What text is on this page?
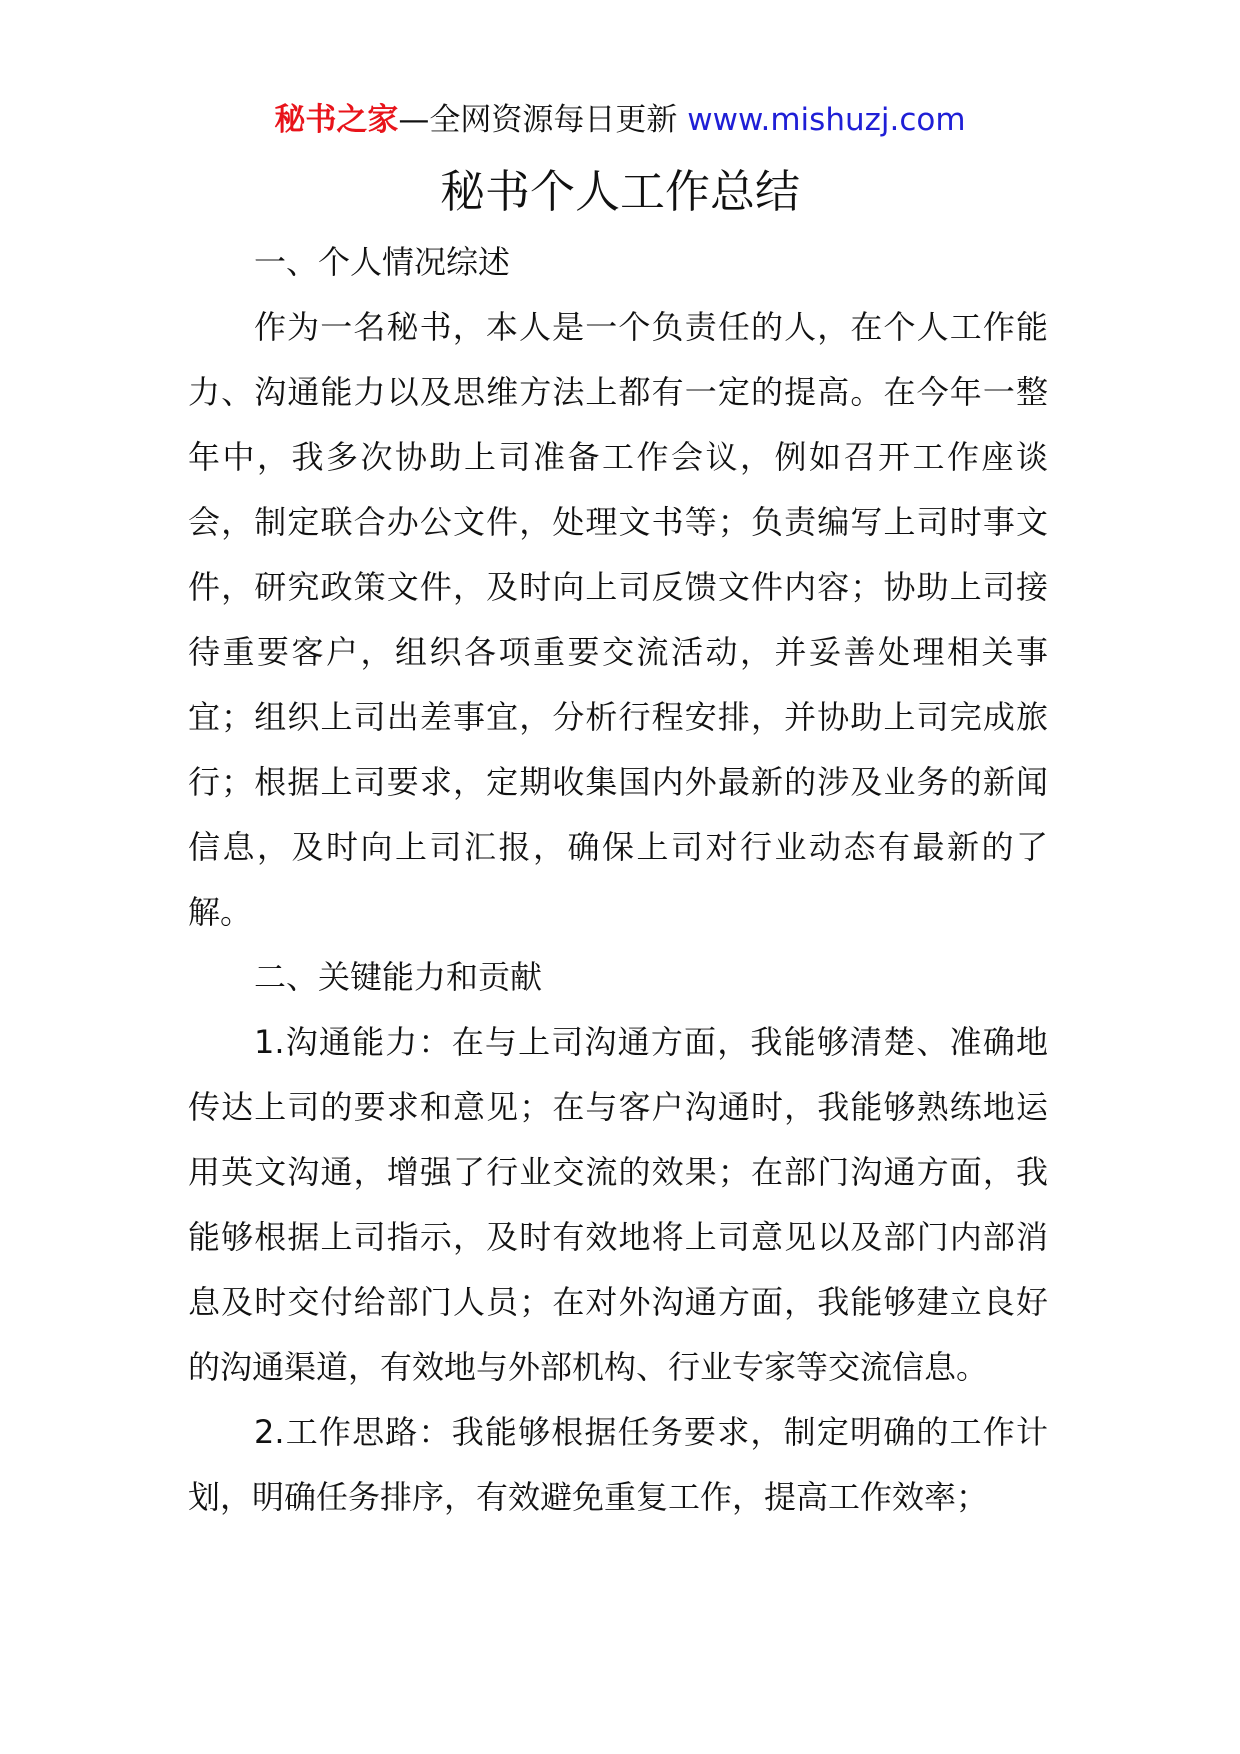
秘书之家—全网资源每日更新 www.mishuzj.com
秘书个人工作总结

一、个人情况综述

作为一名秘书，本人是一个负责任的人，在个人工作能力、沟通能力以及思维方法上都有一定的提高。在今年一整年中，我多次协助上司准备工作会议，例如召开工作座谈会，制定联合办公文件，处理文书等；负责编写上司时事文件，研究政策文件，及时向上司反馈文件内容；协助上司接待重要客户，组织各项重要交流活动，并妥善处理相关事宜；组织上司出差事宜，分析行程安排，并协助上司完成旅行；根据上司要求，定期收集国内外最新的涉及业务的新闻信息，及时向上司汇报，确保上司对行业动态有最新的了解。

二、关键能力和贡献

1.沟通能力：在与上司沟通方面，我能够清楚、准确地传达上司的要求和意见；在与客户沟通时，我能够熟练地运用英文沟通，增强了行业交流的效果；在部门沟通方面，我能够根据上司指示，及时有效地将上司意见以及部门内部消息及时交付给部门人员；在对外沟通方面，我能够建立良好的沟通渠道，有效地与外部机构、行业专家等交流信息。

2.工作思路：我能够根据任务要求，制定明确的工作计划，明确任务排序，有效避免重复工作，提高工作效率；
